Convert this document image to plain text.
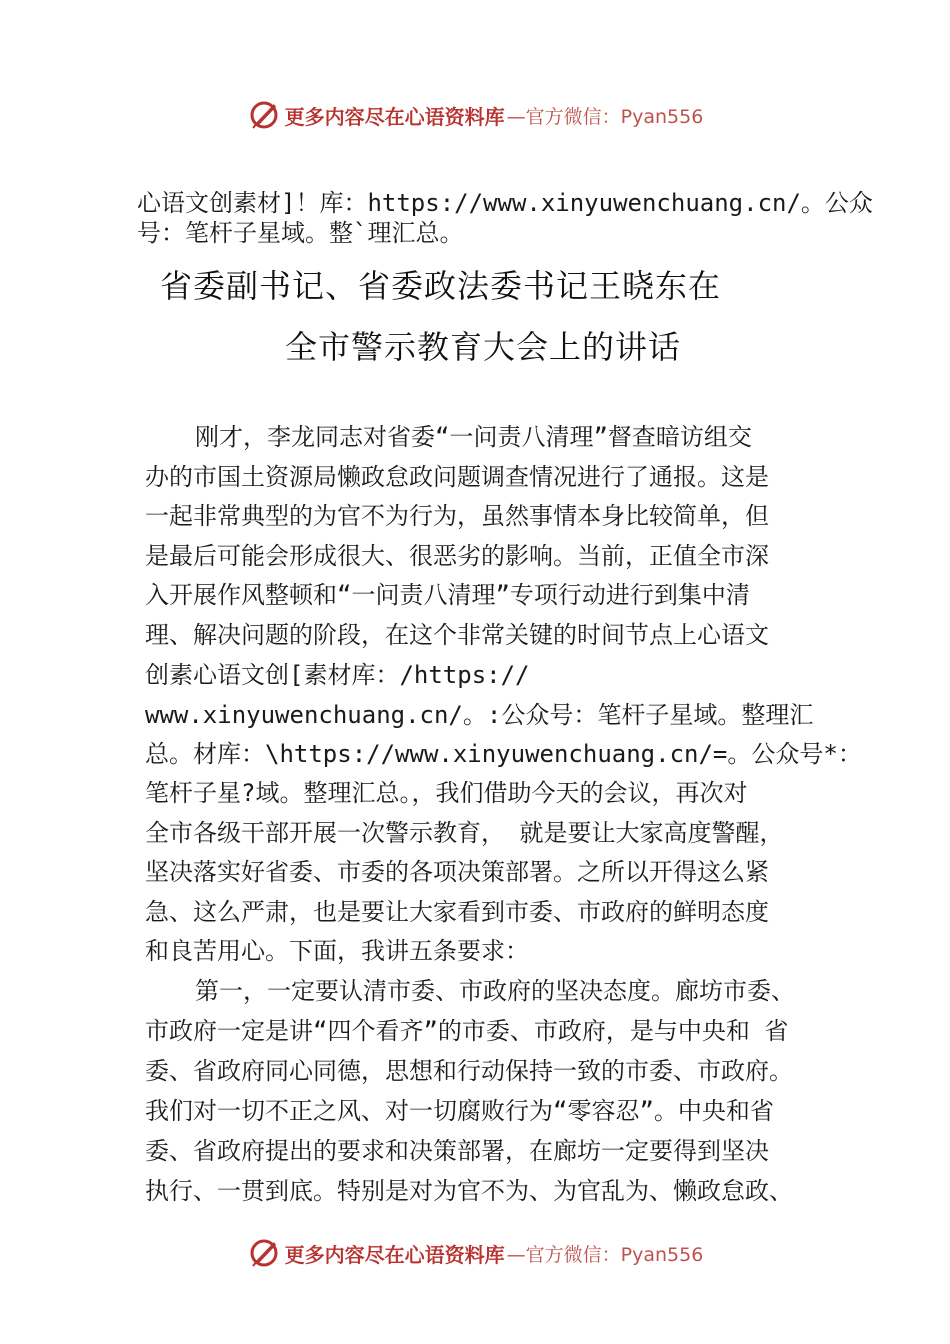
更多内容尽在心语资料库 —官方微信：Pyan556
心语文创素材]！库：https://www.xinyuwenchuang.cn/。公众
号：笔杆子星域。整`理汇总。
省委副书记、省委政法委书记王晓东在
全市警示教育大会上的讲话
刚才，李龙同志对省委“一问责八清理”督查暗访组交
办的市国土资源局懒政怠政问题调查情况进行了通报。这是
一起非常典型的为官不为行为，虽然事情本身比较简单，但
是最后可能会形成很大、很恶劣的影响。当前，正值全市深
入开展作风整顿和“一问责八清理”专项行动进行到集中清
理、解决问题的阶段，在这个非常关键的时间节点上心语文
创素心语文创[素材库：/https://
www.xinyuwenchuang.cn/。:公众号：笔杆子星域。整理汇
总。材库：\https://www.xinyuwenchuang.cn/=。公众号*：
笔杆子星?域。整理汇总。，我们借助今天的会议，再次对
全市各级干部开展一次警示教育， 就是要让大家高度警醒，
坚决落实好省委、市委的各项决策部署。之所以开得这么紧
急、这么严肃，也是要让大家看到市委、市政府的鲜明态度
和良苦用心。下面，我讲五条要求：
第一，一定要认清市委、市政府的坚决态度。廊坊市委、
市政府一定是讲“四个看齐”的市委、市政府，是与中央和 省
委、省政府同心同德，思想和行动保持一致的市委、市政府。
我们对一切不正之风、对一切腐败行为“零容忍”。中央和省
委、省政府提出的要求和决策部署，在廊坊一定要得到坚决
执行、一贯到底。特别是对为官不为、为官乱为、懒政怠政、
更多内容尽在心语资料库 —官方微信：Pyan556
